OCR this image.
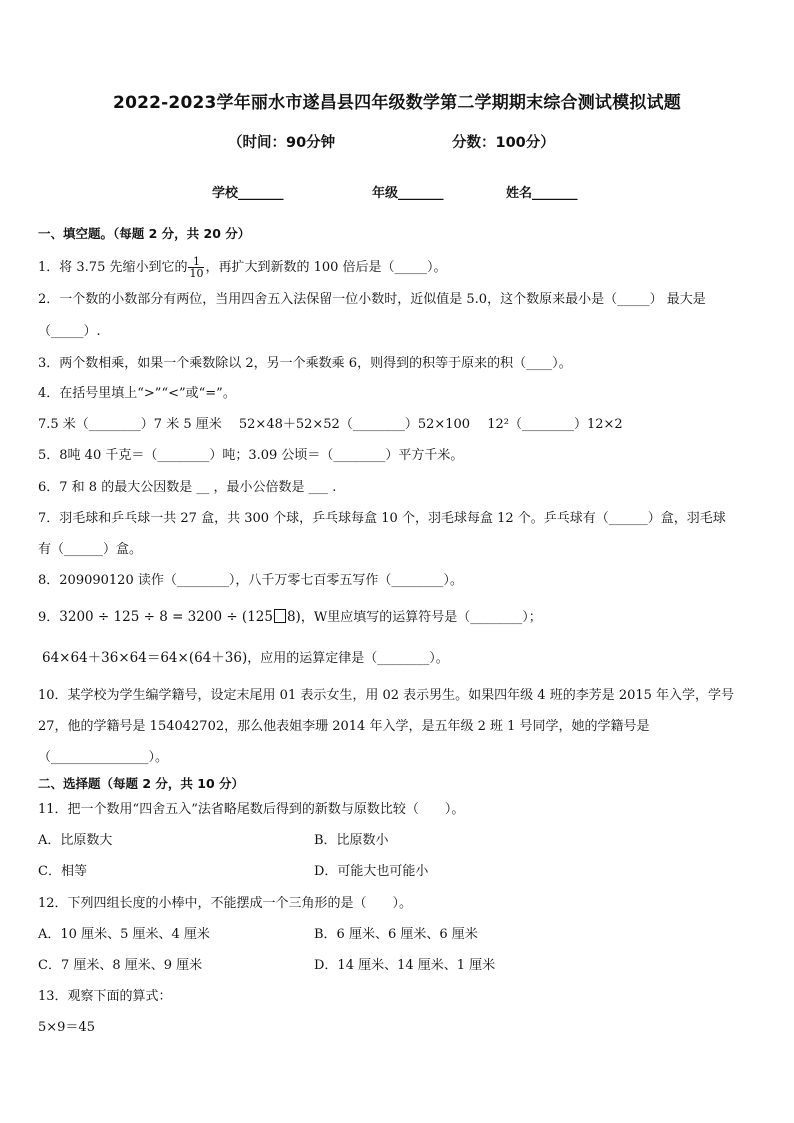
2022-2023学年丽水市遂昌县四年级数学第二学期期末综合测试模拟试题
（时间：90分钟	分数：100分）
学校_______	年级_______	姓名_______
一、填空题。（每题 2 分，共 20 分）
1．将 3.75 先缩小到它的 $\frac{1}{10}$ ，再扩大到新数的 100 倍后是（_____）。
2．一个数的小数部分有两位，当用四舍五入法保留一位小数时，近似值是 5.0，这个数原来最小是（_____） 最大是
（_____）.
3．两个数相乘，如果一个乘数除以 2，另一个乘数乘 6，则得到的积等于原来的积（____）。
4．在括号里填上“>”“<”或“=”。
7.5 米（________）7 米 5 厘米　 52×48＋52×52（________）52×100　 12²（________）12×2
5．8吨 40 千克＝（________）吨；3.09 公顷＝（________）平方千米。
6．7 和 8 的最大公因数是 __ ，最小公倍数是 ___ .
7．羽毛球和乒乓球一共 27 盒，共 300 个球，乒乓球每盒 10 个，羽毛球每盒 12 个。乒乓球有（______）盒，羽毛球
有（______）盒。
8．209090120 读作（________），八千万零七百零五写作（________）。
9．3200 ÷ 125 ÷ 8 = 3200 ÷ (125 8)，W里应填写的运算符号是（________）；
64×64＋36×64＝64×(64＋36)，应用的运算定律是（________）。
10．某学校为学生编学籍号，设定末尾用 01 表示女生，用 02 表示男生。如果四年级 4 班的李芳是 2015 年入学，学号
27，他的学籍号是 154042702，那么他表姐李珊 2014 年入学，是五年级 2 班 1 号同学，她的学籍号是
（_______________）。
二、选择题（每题 2 分，共 10 分）
11．把一个数用“四舍五入”法省略尾数后得到的新数与原数比较（　　）。
A．比原数大	B．比原数小
C．相等	D．可能大也可能小
12．下列四组长度的小棒中，不能摆成一个三角形的是（　　）。
A．10 厘米、5 厘米、4 厘米	B．6 厘米、6 厘米、6 厘米
C．7 厘米、8 厘米、9 厘米	D．14 厘米、14 厘米、1 厘米
13．观察下面的算式：
5×9＝45
